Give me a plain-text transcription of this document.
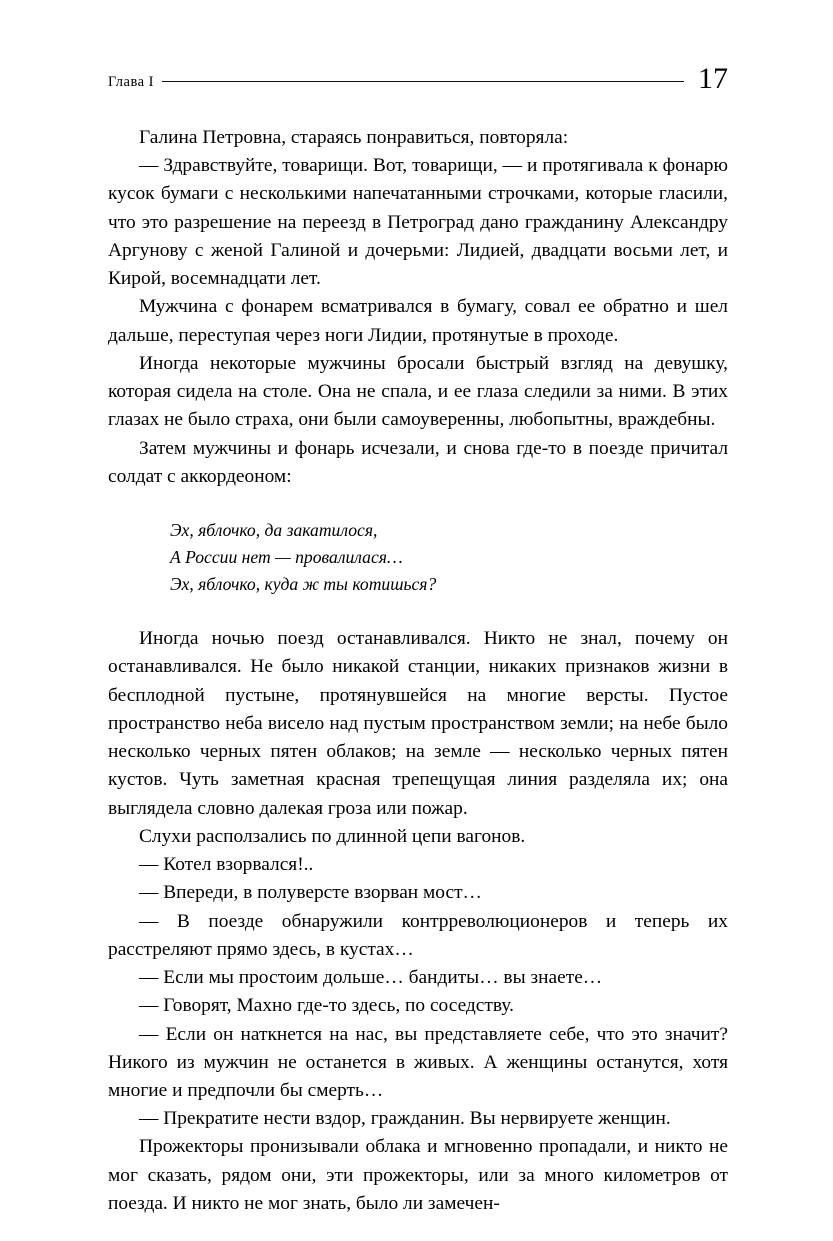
Глава I	17

Галина Петровна, стараясь понравиться, повторяла:

— Здравствуйте, товарищи. Вот, товарищи, — и протягивала к фонарю кусок бумаги с несколькими напечатанными строчками, которые гласили, что это разрешение на переезд в Петроград дано гражданину Александру Аргунову с женой Галиной и дочерьми: Лидией, двадцати восьми лет, и Кирой, восемнадцати лет.

Мужчина с фонарем всматривался в бумагу, совал ее обратно и шел дальше, переступая через ноги Лидии, протянутые в проходе.

Иногда некоторые мужчины бросали быстрый взгляд на девушку, которая сидела на столе. Она не спала, и ее глаза следили за ними. В этих глазах не было страха, они были самоуверенны, любопытны, враждебны.

Затем мужчины и фонарь исчезали, и снова где-то в поезде причитал солдат с аккордеоном:

Эх, яблочко, да закатилося,
А России нет — провалилася…
Эх, яблочко, куда ж ты котишься?

Иногда ночью поезд останавливался. Никто не знал, почему он останавливался. Не было никакой станции, никаких признаков жизни в бесплодной пустыне, протянувшейся на многие версты. Пустое пространство неба висело над пустым пространством земли; на небе было несколько черных пятен облаков; на земле — несколько черных пятен кустов. Чуть заметная красная трепещущая линия разделяла их; она выглядела словно далекая гроза или пожар.

Слухи расползались по длинной цепи вагонов.

— Котел взорвался!..

— Впереди, в полуверсте взорван мост…

— В поезде обнаружили контрреволюционеров и теперь их расстреляют прямо здесь, в кустах…

— Если мы простоим дольше… бандиты… вы знаете…

— Говорят, Махно где-то здесь, по соседству.

— Если он наткнется на нас, вы представляете себе, что это значит? Никого из мужчин не останется в живых. А женщины останутся, хотя многие и предпочли бы смерть…

— Прекратите нести вздор, гражданин. Вы нервируете женщин.

Прожекторы пронизывали облака и мгновенно пропадали, и никто не мог сказать, рядом они, эти прожекторы, или за много километров от поезда. И никто не мог знать, было ли замечен-
